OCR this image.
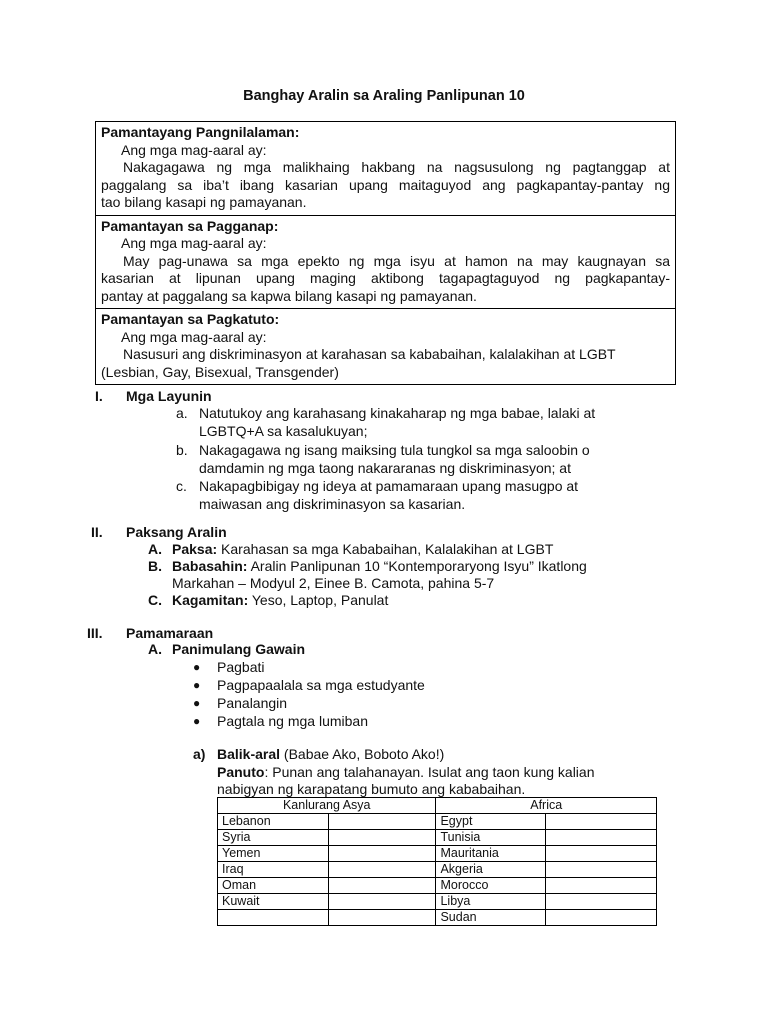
Banghay Aralin sa Araling Panlipunan 10
Pamantayang Pangnilalaman:
Ang mga mag-aaral ay:
Nakagagawa ng mga malikhaing hakbang na nagsusulong ng pagtanggap at
paggalang sa iba’t ibang kasarian upang maitaguyod ang pagkapantay-pantay ng
tao bilang kasapi ng pamayanan.
Pamantayan sa Pagganap:
Ang mga mag-aaral ay:
May pag-unawa sa mga epekto ng mga isyu at hamon na may kaugnayan sa
kasarian at lipunan upang maging aktibong tagapagtaguyod ng pagkapantay-
pantay at paggalang sa kapwa bilang kasapi ng pamayanan.
Pamantayan sa Pagkatuto:
Ang mga mag-aaral ay:
Nasusuri ang diskriminasyon at karahasan sa kababaihan, kalalakihan at LGBT
(Lesbian, Gay, Bisexual, Transgender)
I. Mga Layunin
a. Natutukoy ang karahasang kinakaharap ng mga babae, lalaki at
LGBTQ+A sa kasalukuyan;
b. Nakagagawa ng isang maiksing tula tungkol sa mga saloobin o
damdamin ng mga taong nakararanas ng diskriminasyon; at
c. Nakapagbibigay ng ideya at pamamaraan upang masugpo at
maiwasan ang diskriminasyon sa kasarian.
II. Paksang Aralin
A. Paksa: Karahasan sa mga Kababaihan, Kalalakihan at LGBT
B. Babasahin: Aralin Panlipunan 10 “Kontemporaryong Isyu” Ikatlong
Markahan – Modyul 2, Einee B. Camota, pahina 5-7
C. Kagamitan: Yeso, Laptop, Panulat
III. Pamamaraan
A. Panimulang Gawain
● Pagbati
● Pagpapaalala sa mga estudyante
● Panalangin
● Pagtala ng mga lumiban
a) Balik-aral (Babae Ako, Boboto Ako!)
Panuto: Punan ang talahanayan. Isulat ang taon kung kalian
nabigyan ng karapatang bumuto ang kababaihan.
Kanlurang Asya		Africa	
Lebanon		Egypt	
Syria		Tunisia	
Yemen		Mauritania	
Iraq		Akgeria	
Oman		Morocco	
Kuwait		Libya	
		Sudan	
